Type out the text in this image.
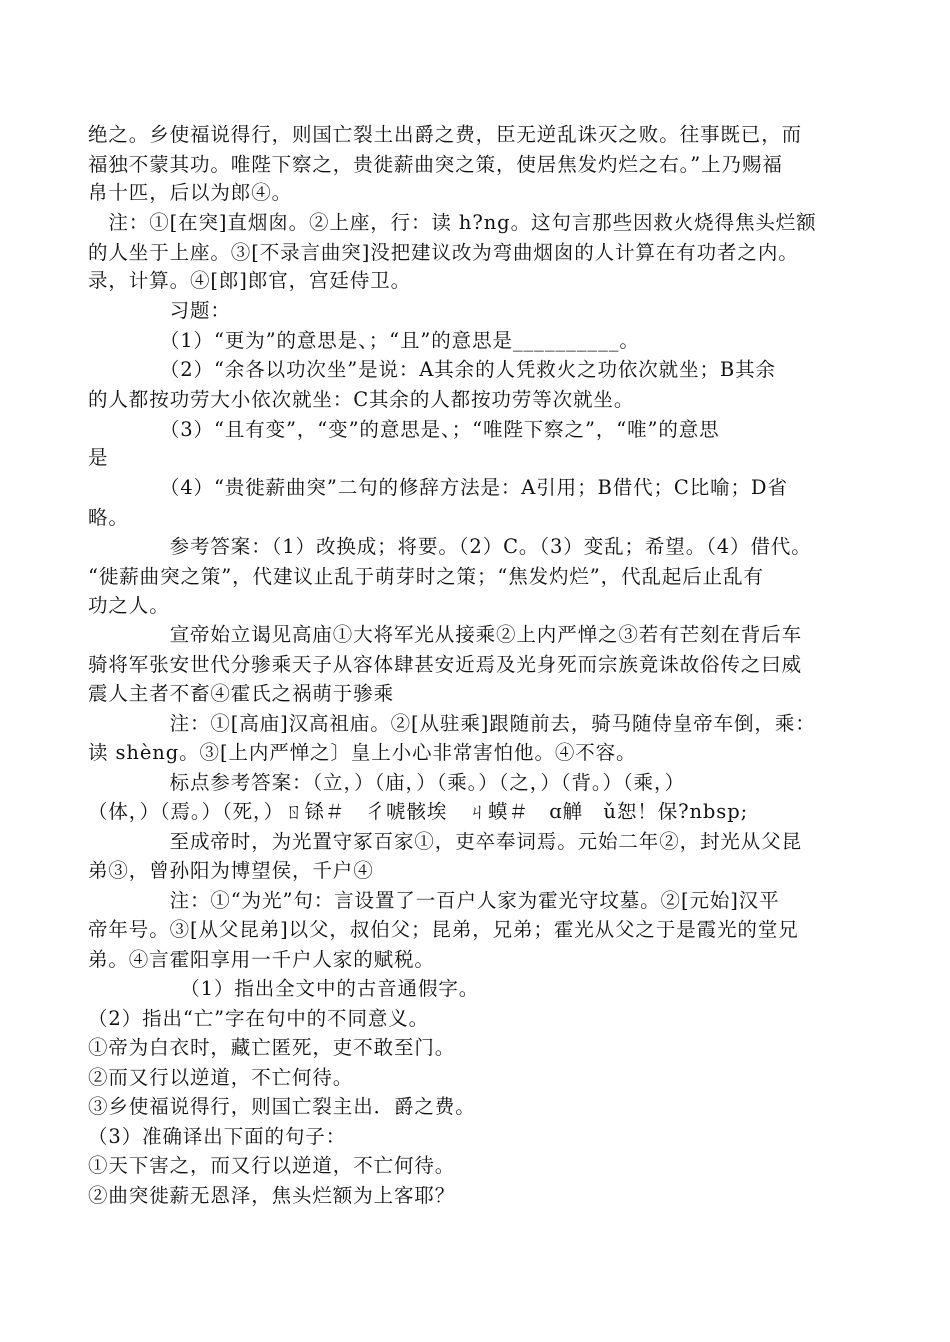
绝之。乡使福说得行，则国亡裂土出爵之费，臣无逆乱诛灭之败。往事既已，而
福独不蒙其功。唯陛下察之，贵徙薪曲突之策，使居焦发灼烂之右。”上乃赐福
帛十匹，后以为郎④。
　注：①[在突]直烟囱。②上座，行：读 h?ng。这句言那些因救火烧得焦头烂额
的人坐于上座。③[不录言曲突]没把建议改为弯曲烟囱的人计算在有功者之内。
录，计算。④[郎]郎官，宫廷侍卫。
　　　　习题：
　　　　（1）“更为”的意思是、；“且”的意思是__________。
　　　　（2）“余各以功次坐”是说：A其余的人凭救火之功依次就坐；B其余
的人都按功劳大小依次就坐：C其余的人都按功劳等次就坐。
　　　　（3）“且有变”，“变”的意思是、；“唯陛下察之”，“唯”的意思
是
　　　　（4）“贵徙薪曲突”二句的修辞方法是：A引用；B借代；C比喻；D省
略。
　　　　参考答案：（1）改换成；将要。（2）C。（3）变乱；希望。（4）借代。
“徙薪曲突之策”，代建议止乱于萌芽时之策；“焦发灼烂”，代乱起后止乱有
功之人。
　　　　宣帝始立谒见高庙①大将军光从接乘②上内严惮之③若有芒刻在背后车
骑将军张安世代分骖乘天子从容体肆甚安近焉及光身死而宗族竟诛故俗传之曰威
震人主者不畜④霍氏之祸萌于骖乘
　　　　注：①[高庙]汉高祖庙。②[从驻乘]跟随前去，骑马随侍皇帝车倒，乘：
读 shèng。③[上内严惮之〕皇上小心非常害怕他。④不容。
　　　　标点参考答案：（立，）（庙，）（乘。）（之，）（背。）（乘，）
（体，）（焉。）（死，）ㄖ铩＃　彳唬骸埃　ㄐ蟆＃　ɑ觯　ǔ恕！保?nbsp;
　　　　至成帝时，为光置守冢百家①，吏卒奉词焉。元始二年②，封光从父昆
弟③，曾孙阳为博望侯，千户④
　　　　注：①“为光”句：言设置了一百户人家为霍光守坟墓。②[元始]汉平
帝年号。③[从父昆弟]以父，叔伯父；昆弟，兄弟；霍光从父之于是霞光的堂兄
弟。④言霍阳享用一千户人家的赋税。
　　　　　（1）指出全文中的古音通假字。
（2）指出“亡”字在句中的不同意义。
①帝为白衣时，藏亡匿死，吏不敢至门。
②而又行以逆道，不亡何待。
③乡使福说得行，则国亡裂主出．爵之费。
（3）准确译出下面的句子：
①天下害之，而又行以逆道，不亡何待。
②曲突徙薪无恩泽，焦头烂额为上客耶？
